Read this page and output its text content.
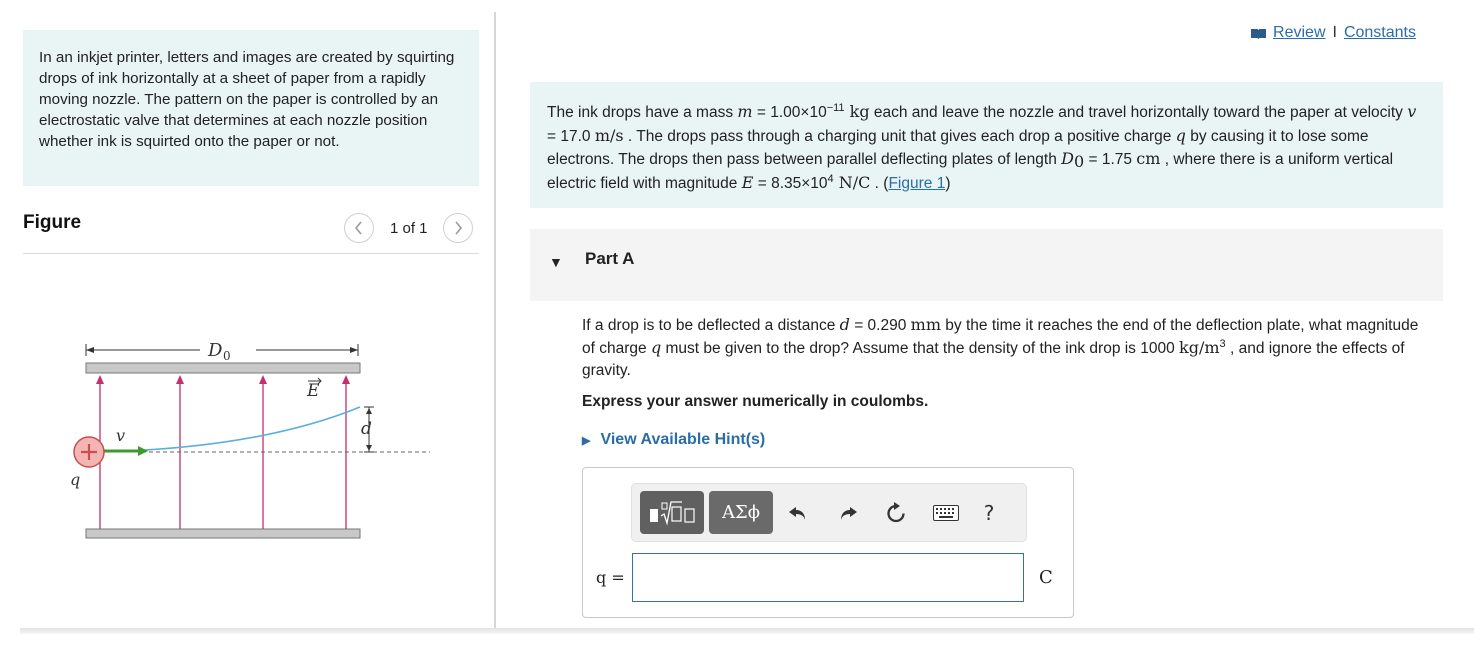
In an inkjet printer, letters and images are created by squirting drops of ink horizontally at a sheet of paper from a rapidly moving nozzle. The pattern on the paper is controlled by an electrostatic valve that determines at each nozzle position whether ink is squirted onto the paper or not.
Figure	1 of 1
D 0
E
d
v
q
Review I Constants
The ink drops have a mass $m = 1.00\times 10^{-11}$ kg each and leave the nozzle and travel horizontally toward the paper at velocity v = 17.0 m/s . The drops pass through a charging unit that gives each drop a positive charge q by causing it to lose some electrons. The drops then pass between parallel deflecting plates of length $D_0 = 1.75$ cm , where there is a uniform vertical electric field with magnitude $E = 8.35\times 10^4$ N/C . (Figure 1)
▼ Part A
If a drop is to be deflected a distance d = 0.290 mm by the time it reaches the end of the deflection plate, what magnitude of charge q must be given to the drop? Assume that the density of the ink drop is 1000 $kg/m^3$ , and ignore the effects of gravity.
Express your answer numerically in coulombs.
▶ View Available Hint(s)
ΑΣϕ	?
q =	C
